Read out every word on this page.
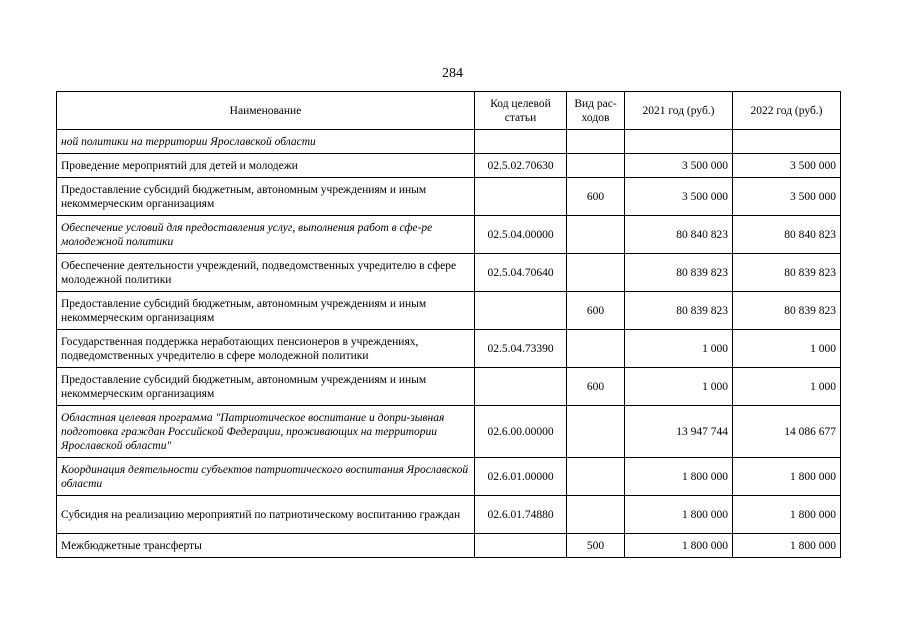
284
Наименование	Код целевой статьи	Вид рас-ходов	2021 год (руб.)	2022 год (руб.)
ной политики на территории Ярославской области				
Проведение мероприятий для детей и молодежи	02.5.02.70630		3 500 000	3 500 000
Предоставление субсидий бюджетным, автономным учреждениям и иным некоммерческим организациям		600	3 500 000	3 500 000
Обеспечение условий для предоставления услуг, выполнения работ в сфе-ре молодежной политики	02.5.04.00000		80 840 823	80 840 823
Обеспечение деятельности учреждений, подведомственных учредителю в сфере молодежной политики	02.5.04.70640		80 839 823	80 839 823
Предоставление субсидий бюджетным, автономным учреждениям и иным некоммерческим организациям		600	80 839 823	80 839 823
Государственная поддержка неработающих пенсионеров в учреждениях, подведомственных учредителю в сфере молодежной политики	02.5.04.73390		1 000	1 000
Предоставление субсидий бюджетным, автономным учреждениям и иным некоммерческим организациям		600	1 000	1 000
Областная целевая программа "Патриотическое воспитание и допри-зывная подготовка граждан Российской Федерации, проживающих на территории Ярославской области"	02.6.00.00000		13 947 744	14 086 677
Координация деятельности субъектов патриотического воспитания Ярославской области	02.6.01.00000		1 800 000	1 800 000
Субсидия на реализацию мероприятий по патриотическому воспитанию граждан	02.6.01.74880		1 800 000	1 800 000
Межбюджетные трансферты		500	1 800 000	1 800 000
